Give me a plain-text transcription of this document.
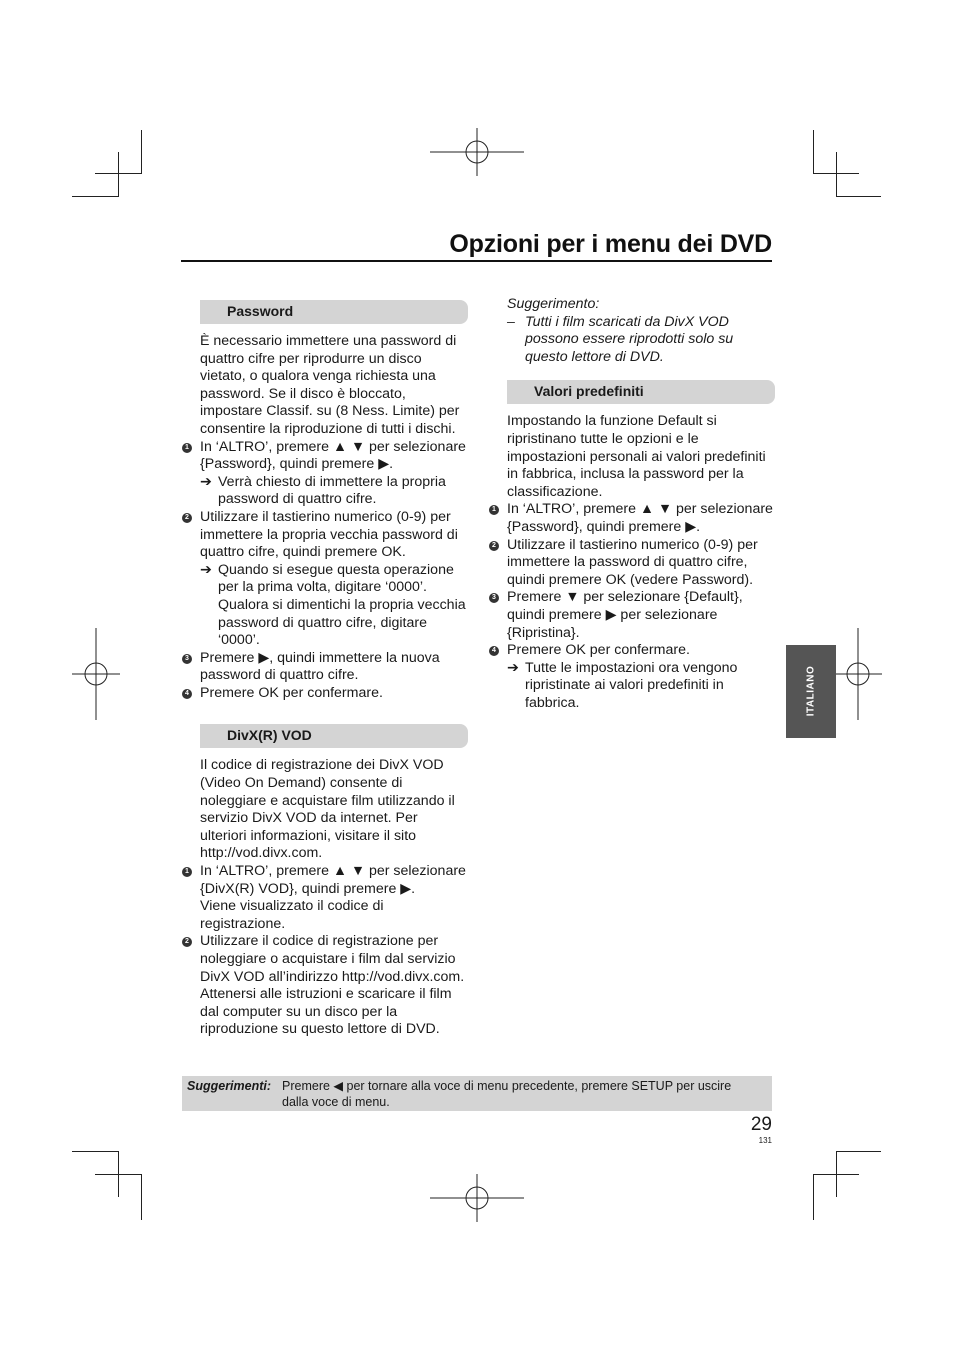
Opzioni per i menu dei DVD
Password
È necessario immettere una password di quattro cifre per riprodurre un disco vietato, o qualora venga richiesta una password. Se il disco è bloccato, impostare Classif. su (8 Ness. Limite) per consentire la riproduzione di tutti i dischi.
1 In ‘ALTRO’, premere ▲ ▼ per selezionare {Password}, quindi premere ▶.
➔ Verrà chiesto di immettere la propria password di quattro cifre.
2 Utilizzare il tastierino numerico (0-9) per immettere la propria vecchia password di quattro cifre, quindi premere OK.
➔ Quando si esegue questa operazione per la prima volta, digitare ‘0000’. Qualora si dimentichi la propria vecchia password di quattro cifre, digitare ‘0000’.
3 Premere ▶, quindi immettere la nuova password di quattro cifre.
4 Premere OK per confermare.
DivX(R) VOD
Il codice di registrazione dei DivX VOD (Video On Demand) consente di noleggiare e acquistare film utilizzando il servizio DivX VOD da internet. Per ulteriori informazioni, visitare il sito http://vod.divx.com.
1 In ‘ALTRO’, premere ▲ ▼ per selezionare {DivX(R) VOD}, quindi premere ▶.
Viene visualizzato il codice di registrazione.
2 Utilizzare il codice di registrazione per noleggiare o acquistare i film dal servizio DivX VOD all’indirizzo http://vod.divx.com. Attenersi alle istruzioni e scaricare il film dal computer su un disco per la riproduzione su questo lettore di DVD.
Suggerimento:
– Tutti i film scaricati da DivX VOD possono essere riprodotti solo su questo lettore di DVD.
Valori predefiniti
Impostando la funzione Default si ripristinano tutte le opzioni e le impostazioni personali ai valori predefiniti in fabbrica, inclusa la password per la classificazione.
1 In ‘ALTRO’, premere ▲ ▼ per selezionare {Password}, quindi premere ▶.
2 Utilizzare il tastierino numerico (0-9) per immettere la password di quattro cifre, quindi premere OK (vedere Password).
3 Premere ▼ per selezionare {Default}, quindi premere ▶ per selezionare {Ripristina}.
4 Premere OK per confermare.
➔ Tutte le impostazioni ora vengono ripristinate ai valori predefiniti in fabbrica.	ITALIANO
Suggerimenti: Premere ◀ per tornare alla voce di menu precedente, premere SETUP per uscire dalla voce di menu.
29
131
